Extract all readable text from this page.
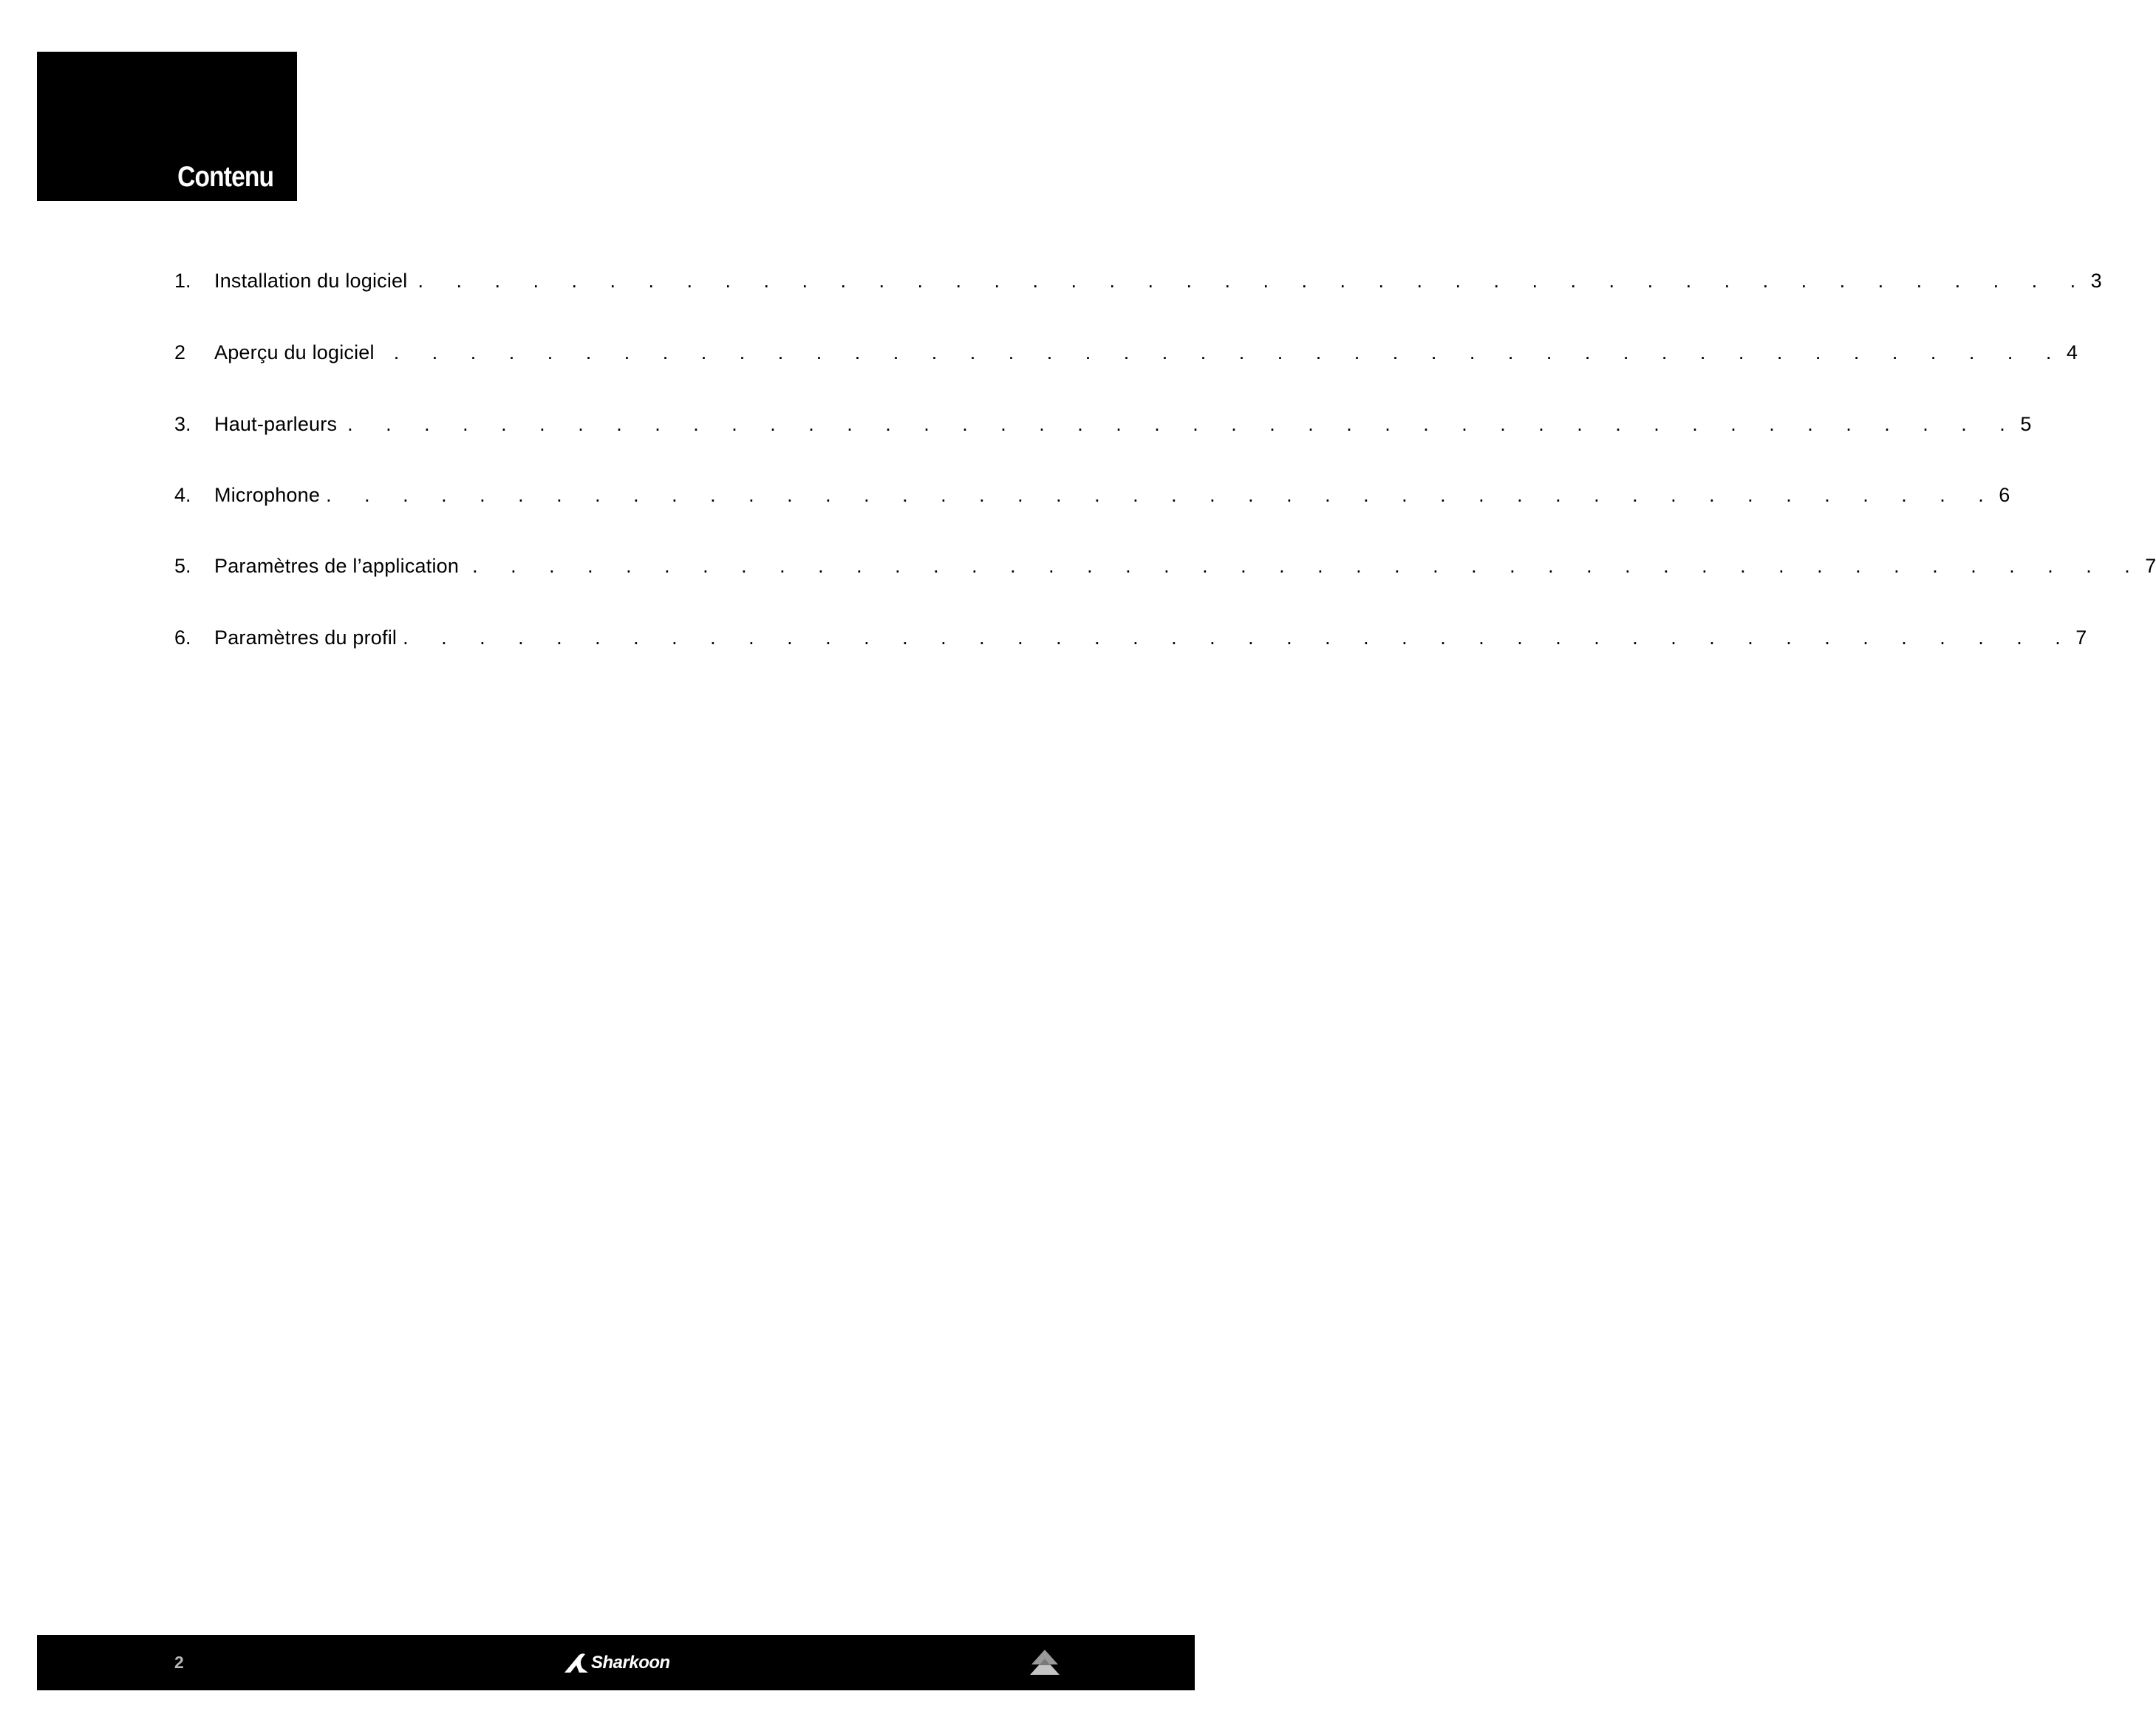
Contenu
1.	Installation du logiciel . . . . . . . . . . . . . . . . . . . . . . . . . . . . . . . . . . . . . . . . . . . . 3
2	Aperçu du logiciel . . . . . . . . . . . . . . . . . . . . . . . . . . . . . . . . . . . . . . . . . . . . 4
3.	Haut-parleurs . . . . . . . . . . . . . . . . . . . . . . . . . . . . . . . . . . . . . . . . . . . . 5
4.	Microphone . . . . . . . . . . . . . . . . . . . . . . . . . . . . . . . . . . . . . . . . . . . . 6
5.	Paramètres de l’application . . . . . . . . . . . . . . . . . . . . . . . . . . . . . . . . . . . . . . . . . . . . 7
6.	Paramètres du profil . . . . . . . . . . . . . . . . . . . . . . . . . . . . . . . . . . . . . . . . . . . . 7
2	Sharkoon
